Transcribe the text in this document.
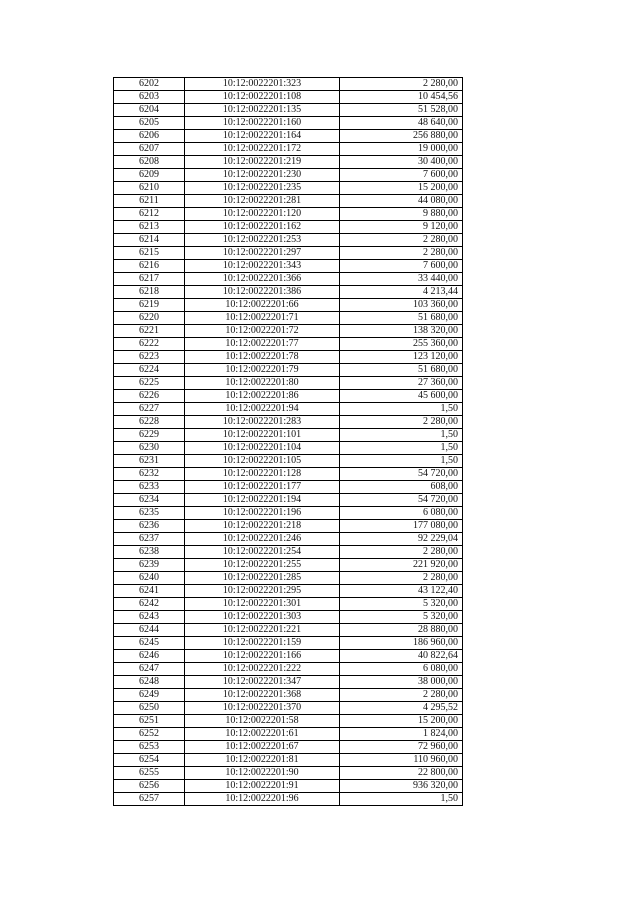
6202	10:12:0022201:323	2 280,00
6203	10:12:0022201:108	10 454,56
6204	10:12:0022201:135	51 528,00
6205	10:12:0022201:160	48 640,00
6206	10:12:0022201:164	256 880,00
6207	10:12:0022201:172	19 000,00
6208	10:12:0022201:219	30 400,00
6209	10:12:0022201:230	7 600,00
6210	10:12:0022201:235	15 200,00
6211	10:12:0022201:281	44 080,00
6212	10:12:0022201:120	9 880,00
6213	10:12:0022201:162	9 120,00
6214	10:12:0022201:253	2 280,00
6215	10:12:0022201:297	2 280,00
6216	10:12:0022201:343	7 600,00
6217	10:12:0022201:366	33 440,00
6218	10:12:0022201:386	4 213,44
6219	10:12:0022201:66	103 360,00
6220	10:12:0022201:71	51 680,00
6221	10:12:0022201:72	138 320,00
6222	10:12:0022201:77	255 360,00
6223	10:12:0022201:78	123 120,00
6224	10:12:0022201:79	51 680,00
6225	10:12:0022201:80	27 360,00
6226	10:12:0022201:86	45 600,00
6227	10:12:0022201:94	1,50
6228	10:12:0022201:283	2 280,00
6229	10:12:0022201:101	1,50
6230	10:12:0022201:104	1,50
6231	10:12:0022201:105	1,50
6232	10:12:0022201:128	54 720,00
6233	10:12:0022201:177	608,00
6234	10:12:0022201:194	54 720,00
6235	10:12:0022201:196	6 080,00
6236	10:12:0022201:218	177 080,00
6237	10:12:0022201:246	92 229,04
6238	10:12:0022201:254	2 280,00
6239	10:12:0022201:255	221 920,00
6240	10:12:0022201:285	2 280,00
6241	10:12:0022201:295	43 122,40
6242	10:12:0022201:301	5 320,00
6243	10:12:0022201:303	5 320,00
6244	10:12:0022201:221	28 880,00
6245	10:12:0022201:159	186 960,00
6246	10:12:0022201:166	40 822,64
6247	10:12:0022201:222	6 080,00
6248	10:12:0022201:347	38 000,00
6249	10:12:0022201:368	2 280,00
6250	10:12:0022201:370	4 295,52
6251	10:12:0022201:58	15 200,00
6252	10:12:0022201:61	1 824,00
6253	10:12:0022201:67	72 960,00
6254	10:12:0022201:81	110 960,00
6255	10:12:0022201:90	22 800,00
6256	10:12:0022201:91	936 320,00
6257	10:12:0022201:96	1,50
